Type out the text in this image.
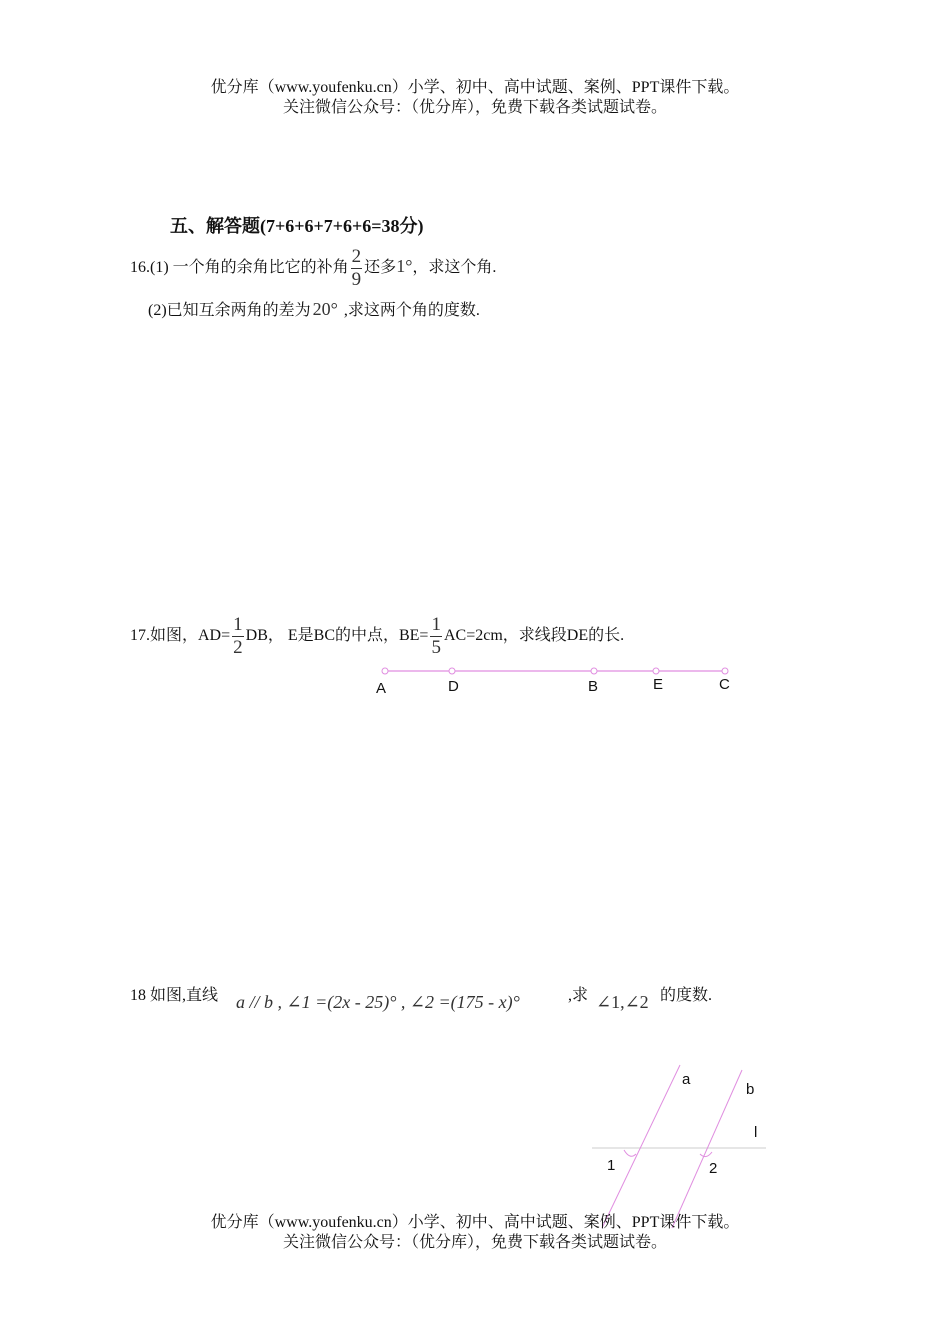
优分库（www.youfenku.cn）小学、初中、高中试题、案例、PPT课件下载。
关注微信公众号：（优分库），免费下载各类试题试卷。
五、解答题(7+6+6+7+6+6=38分)
16.(1) 一个角的余角比它的补角 $\frac{2}{9}$ 还多1°，求这个角.
(2)已知互余两角的差为 20° ,求这两个角的度数.
17.如图，$AD= \frac{1}{2}$ DB， E是BC的中点，$BE= \frac{1}{5} AC=2cm$，求线段DE的长.
A	D	B	E	C
18 如图,直线 a // b , ∠1 =(2x - 25)° , ∠2 =(175 - x)°	,求 ∠1,∠2 的度数.
a
b
l
1	2
优分库（www.youfenku.cn）小学、初中、高中试题、案例、PPT课件下载。
关注微信公众号：（优分库），免费下载各类试题试卷。
